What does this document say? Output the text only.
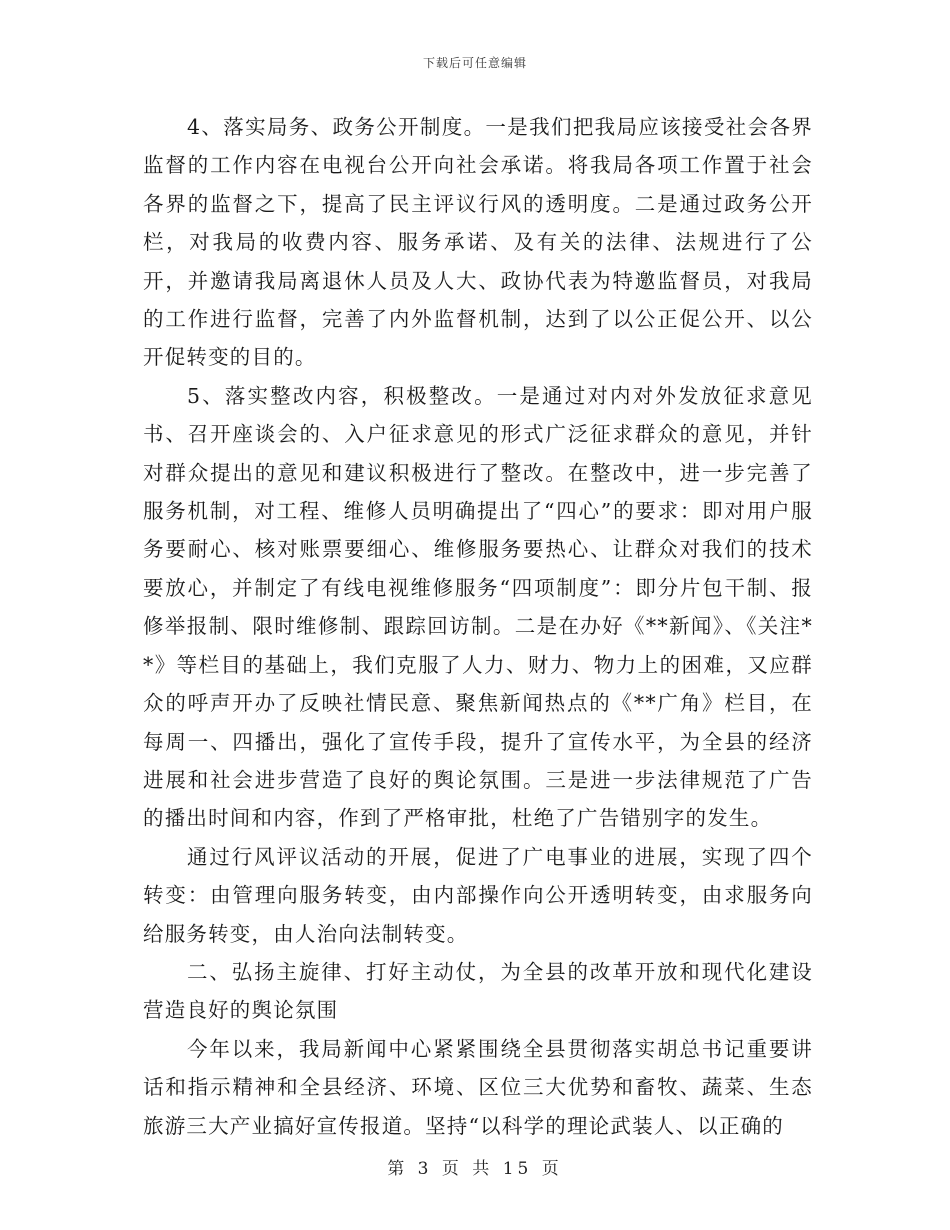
下载后可任意编辑

4、落实局务、政务公开制度。一是我们把我局应该接受社会各界监督的工作内容在电视台公开向社会承诺。将我局各项工作置于社会各界的监督之下，提高了民主评议行风的透明度。二是通过政务公开栏，对我局的收费内容、服务承诺、及有关的法律、法规进行了公开，并邀请我局离退休人员及人大、政协代表为特邀监督员，对我局的工作进行监督，完善了内外监督机制，达到了以公正促公开、以公开促转变的目的。

5、落实整改内容，积极整改。一是通过对内对外发放征求意见书、召开座谈会的、入户征求意见的形式广泛征求群众的意见，并针对群众提出的意见和建议积极进行了整改。在整改中，进一步完善了服务机制，对工程、维修人员明确提出了“四心”的要求：即对用户服务要耐心、核对账票要细心、维修服务要热心、让群众对我们的技术要放心，并制定了有线电视维修服务“四项制度”：即分片包干制、报修举报制、限时维修制、跟踪回访制。二是在办好《**新闻》、《关注**》等栏目的基础上，我们克服了人力、财力、物力上的困难，又应群众的呼声开办了反映社情民意、聚焦新闻热点的《**广角》栏目，在每周一、四播出，强化了宣传手段，提升了宣传水平，为全县的经济进展和社会进步营造了良好的舆论氛围。三是进一步法律规范了广告的播出时间和内容，作到了严格审批，杜绝了广告错别字的发生。

通过行风评议活动的开展，促进了广电事业的进展，实现了四个转变：由管理向服务转变，由内部操作向公开透明转变，由求服务向给服务转变，由人治向法制转变。

二、弘扬主旋律、打好主动仗，为全县的改革开放和现代化建设营造良好的舆论氛围

今年以来，我局新闻中心紧紧围绕全县贯彻落实胡总书记重要讲话和指示精神和全县经济、环境、区位三大优势和畜牧、蔬菜、生态旅游三大产业搞好宣传报道。坚持“以科学的理论武装人、以正确的

第 3 页 共 15 页
